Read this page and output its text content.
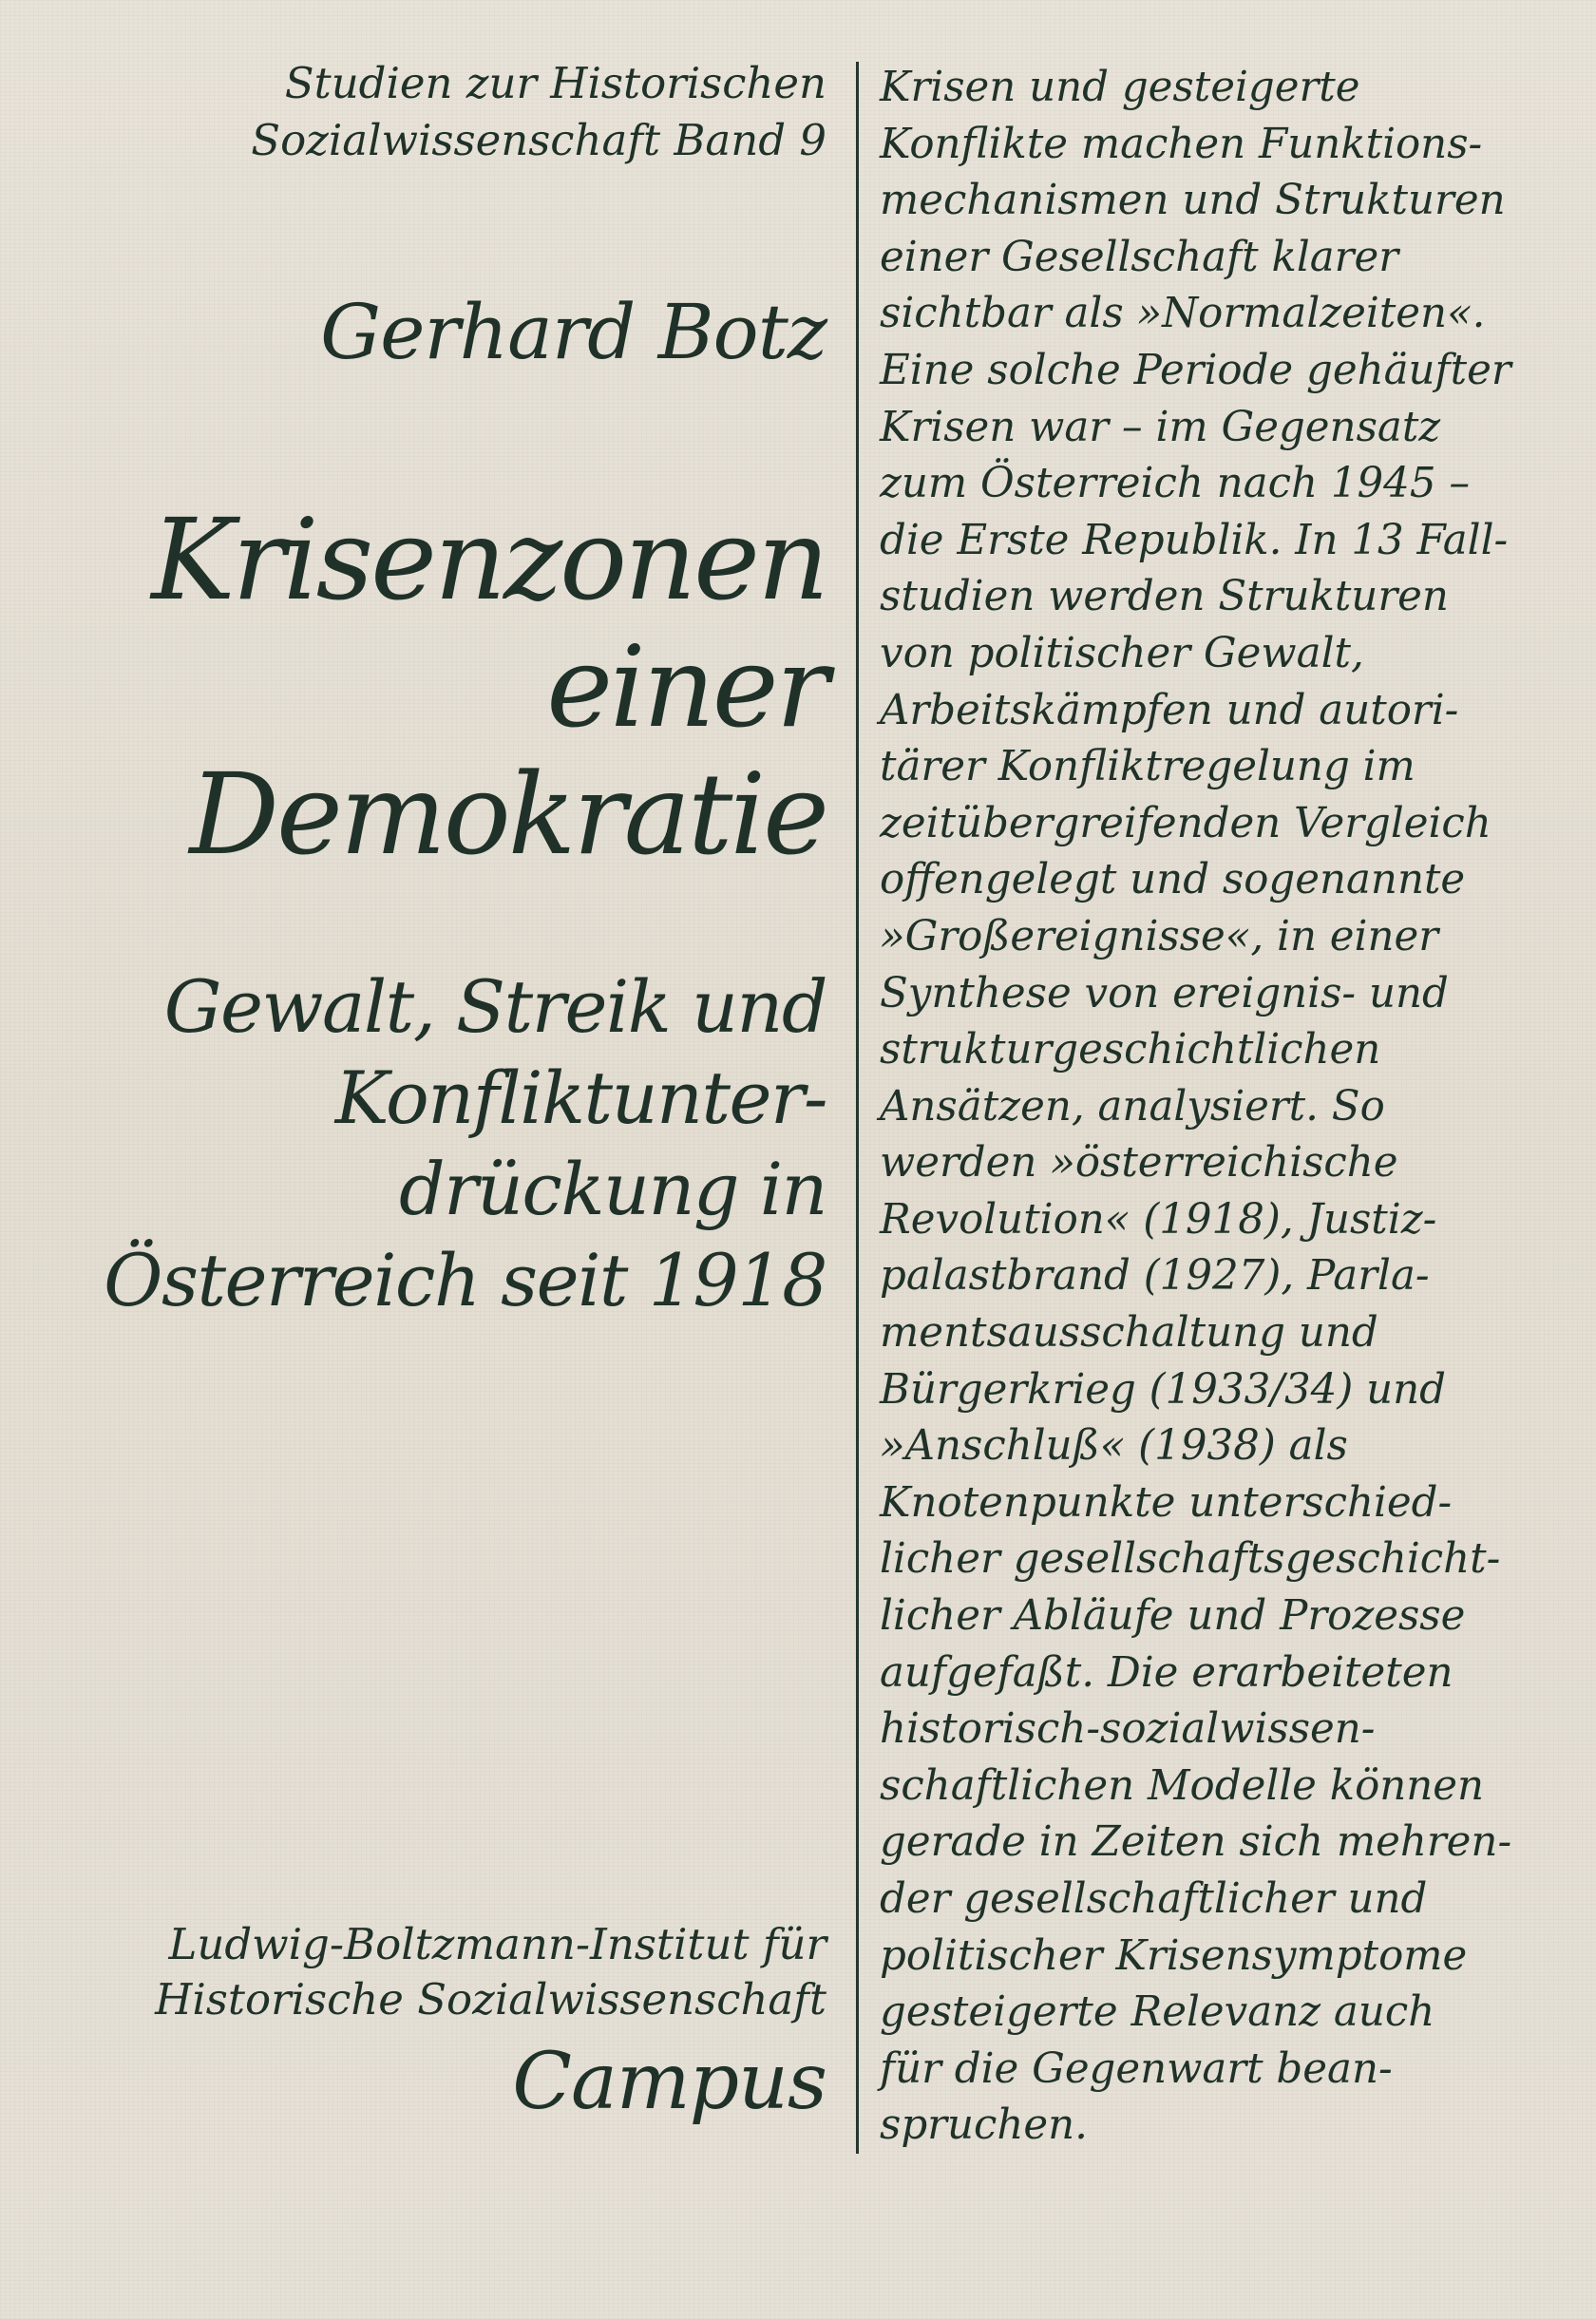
Studien zur Historischen
Sozialwissenschaft Band 9
Gerhard Botz
Krisenzonen
einer
Demokratie
Gewalt, Streik und
Konfliktunter-
drückung in
Österreich seit 1918
Ludwig-Boltzmann-Institut für
Historische Sozialwissenschaft
Campus
Krisen und gesteigerte
Konflikte machen Funktions-
mechanismen und Strukturen
einer Gesellschaft klarer
sichtbar als »Normalzeiten«.
Eine solche Periode gehäufter
Krisen war – im Gegensatz
zum Österreich nach 1945 –
die Erste Republik. In 13 Fall-
studien werden Strukturen
von politischer Gewalt,
Arbeitskämpfen und autori-
tärer Konfliktregelung im
zeitübergreifenden Vergleich
offengelegt und sogenannte
»Großereignisse«, in einer
Synthese von ereignis- und
strukturgeschichtlichen
Ansätzen, analysiert. So
werden »österreichische
Revolution« (1918), Justiz-
palastbrand (1927), Parla-
mentsausschaltung und
Bürgerkrieg (1933/34) und
»Anschluß« (1938) als
Knotenpunkte unterschied-
licher gesellschaftsgeschicht-
licher Abläufe und Prozesse
aufgefaßt. Die erarbeiteten
historisch-sozialwissen-
schaftlichen Modelle können
gerade in Zeiten sich mehren-
der gesellschaftlicher und
politischer Krisensymptome
gesteigerte Relevanz auch
für die Gegenwart bean-
spruchen.
